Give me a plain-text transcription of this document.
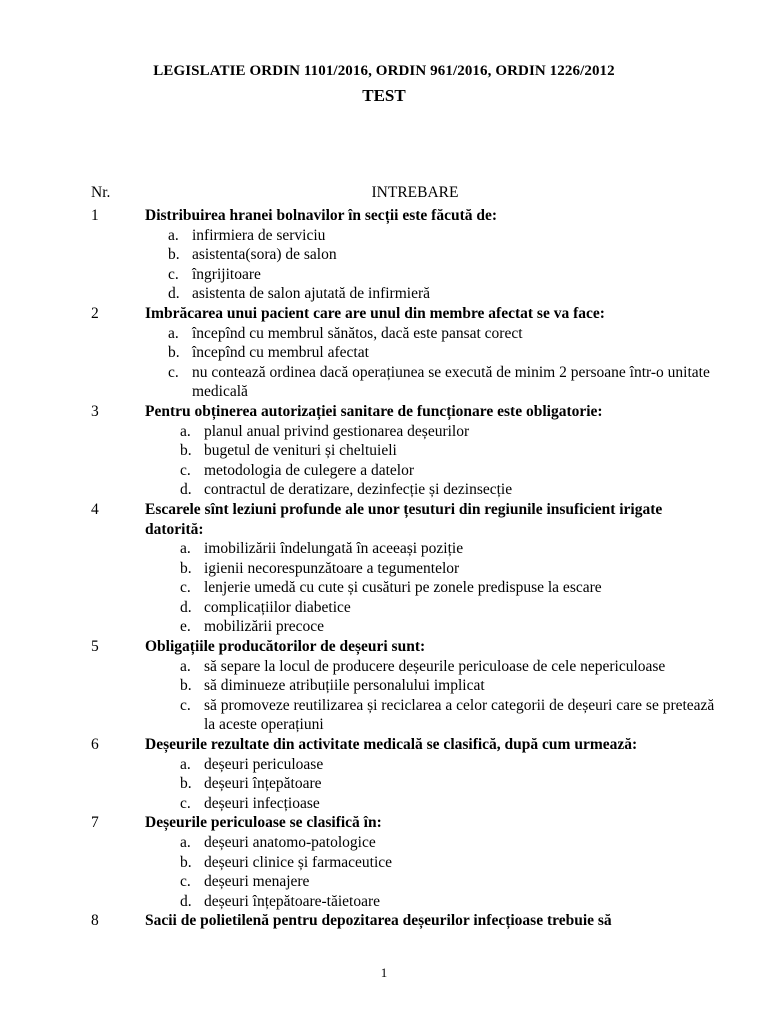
LEGISLATIE ORDIN 1101/2016, ORDIN 961/2016, ORDIN 1226/2012
TEST
Nr.	INTREBARE
1	Distribuirea hranei bolnavilor în secții este făcută de:
a. infirmiera de serviciu
b. asistenta(sora) de salon
c. îngrijitoare
d. asistenta de salon ajutată de infirmieră
2	Imbrăcarea unui pacient care are unul din membre afectat se va face:
a. începînd cu membrul sănătos, dacă este pansat corect
b. începînd cu membrul afectat
c. nu contează ordinea dacă operațiunea se execută de minim 2 persoane într-o unitate medicală
3	Pentru obținerea autorizației sanitare de funcționare este obligatorie:
a. planul anual privind gestionarea deșeurilor
b. bugetul de venituri și cheltuieli
c. metodologia de culegere a datelor
d. contractul de deratizare, dezinfecție și dezinsecție
4	Escarele sînt leziuni profunde ale unor țesuturi din regiunile insuficient irigate datorită:
a. imobilizării îndelungată în aceeași poziție
b. igienii necorespunzătoare a tegumentelor
c. lenjerie umedă cu cute și cusături pe zonele predispuse la escare
d. complicațiilor diabetice
e. mobilizării precoce
5	Obligațiile producătorilor de deșeuri sunt:
a. să separe la locul de producere deșeurile periculoase de cele nepericuloase
b. să diminueze atribuțiile personalului implicat
c. să promoveze reutilizarea și reciclarea a celor categorii de deșeuri care se pretează la aceste operațiuni
6	Deșeurile rezultate din activitate medicală se clasifică, după cum urmează:
a. deșeuri periculoase
b. deșeuri înțepătoare
c. deșeuri infecțioase
7	Deșeurile periculoase se clasifică în:
a. deșeuri anatomo-patologice
b. deșeuri clinice și farmaceutice
c. deșeuri menajere
d. deșeuri înțepătoare-tăietoare
8	Sacii de polietilenă pentru depozitarea deșeurilor infecțioase trebuie să
1
